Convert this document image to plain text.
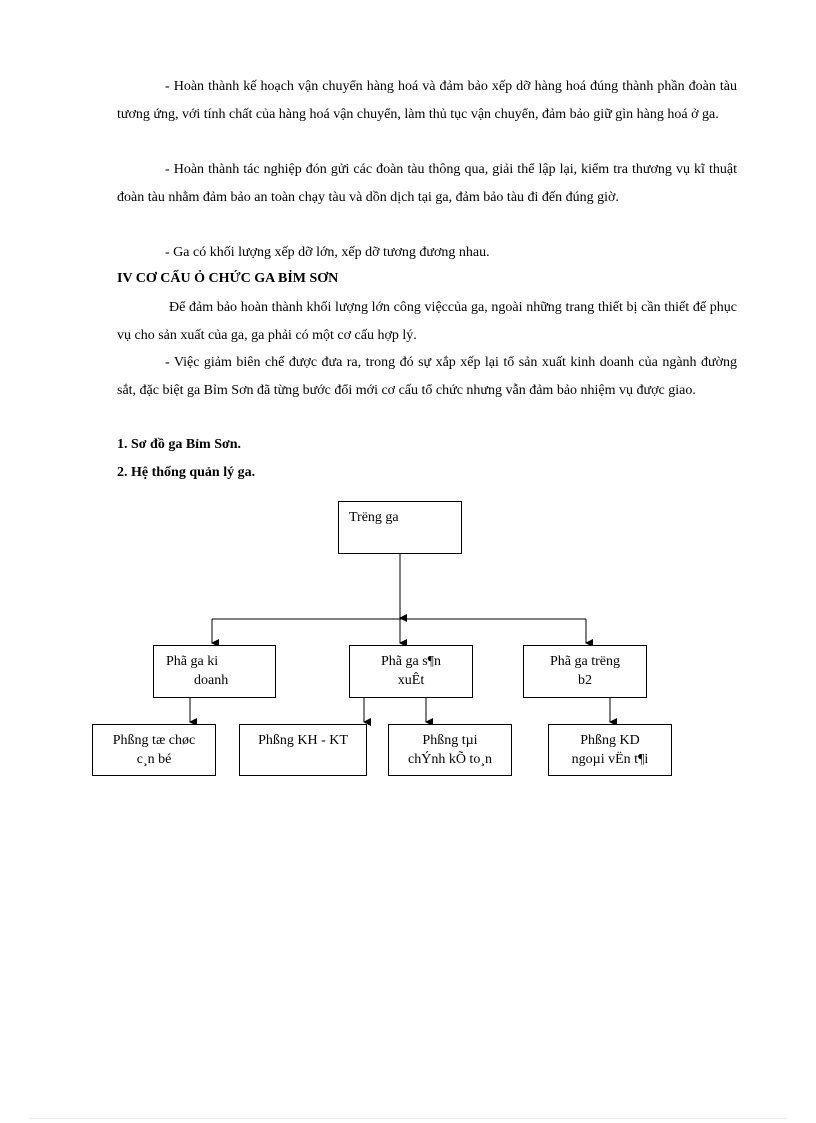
- Hoàn thành kế hoạch vận chuyển hàng hoá và đảm bảo xếp dỡ hàng hoá đúng thành phần đoàn tàu tương ứng, với tính chất của hàng hoá vận chuyển, làm thủ tục vận chuyển, đảm bảo giữ gìn hàng hoá ở ga.

- Hoàn thành tác nghiệp đón gửi các đoàn tàu thông qua, giải thể lập lại, kiểm tra thương vụ kĩ thuật đoàn tàu nhằm đảm bảo an toàn chạy tàu và dồn dịch tại ga, đảm bảo tàu đi đến đúng giờ.

- Ga có khối lượng xếp dỡ lớn, xếp dỡ tương đương nhau.

IV CƠ CẤU Ỏ CHỨC GA BỈM SƠN

Để đảm bảo hoàn thành khối lượng lớn công việccủa ga, ngoài những trang thiết bị cần thiết để phục vụ cho sản xuất của ga, ga phải có một cơ cấu hợp lý.

- Việc giảm biên chế được đưa ra, trong đó sự xắp xếp lại tổ sản xuất kinh doanh của ngành đường sắt, đặc biệt ga Bỉm Sơn đã từng bước đổi mới cơ cấu tổ chức nhưng vẫn đảm bảo nhiệm vụ được giao.

1. Sơ đồ ga Bỉm Sơn.

2. Hệ thống quản lý ga.

Trëng ga
Phã ga ki
doanh
Phã ga s¶n
xuÊt
Phã ga trëng
b2
Phßng tæ chøc
c¸n bé
Phßng KH - KT	Phßng tµi
chÝnh kÕ to¸n
Phßng KD
ngoµi vËn t¶i
